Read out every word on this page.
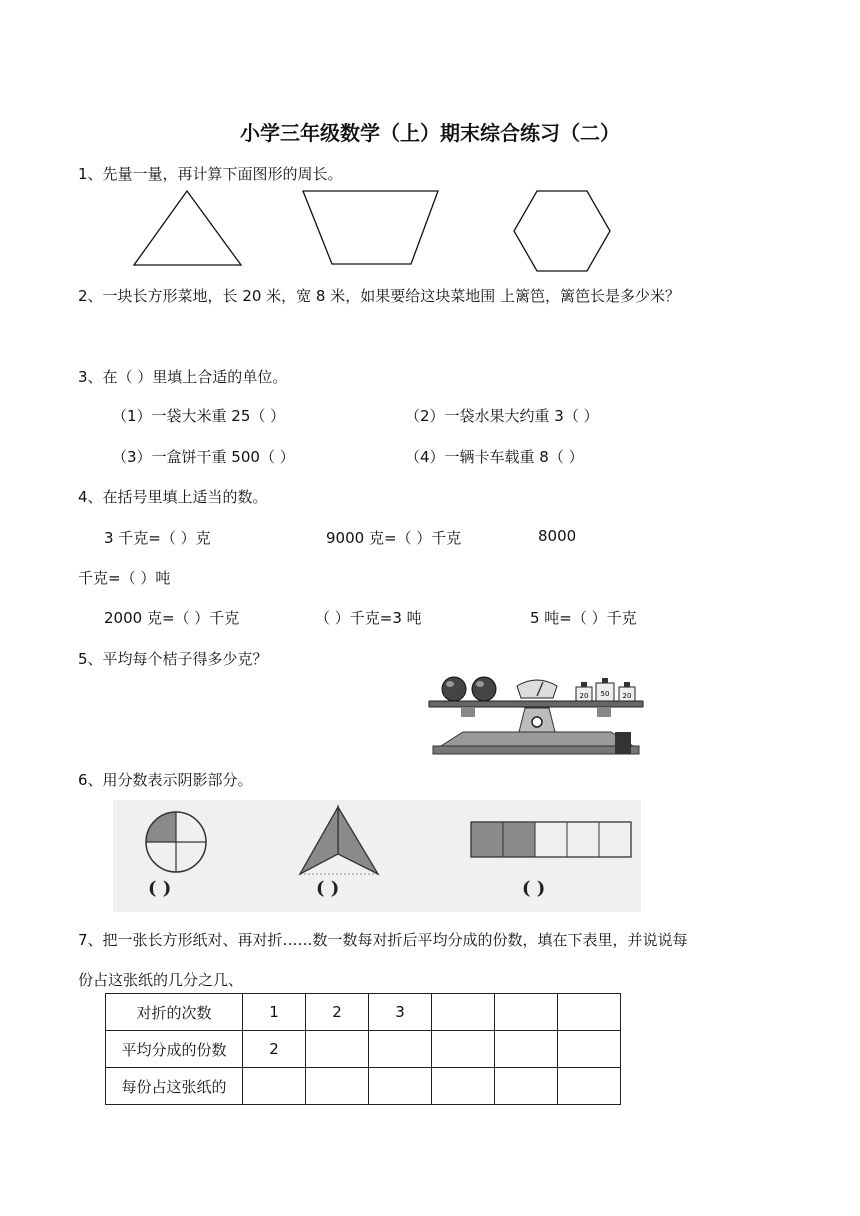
小学三年级数学（上）期末综合练习（二）
1、先量一量，再计算下面图形的周长。
2、一块长方形菜地，长 20 米，宽 8 米，如果要给这块菜地围 上篱笆，篱笆长是多少米？
3、在（ ）里填上合适的单位。
（1）一袋大米重 25（ ）	（2）一袋水果大约重 3（ ）
（3）一盒饼干重 500（ ）	（4）一辆卡车载重 8（ ）
4、在括号里填上适当的数。
3 千克=（ ）克	9000 克=（ ）千克	8000
千克=（ ）吨
2000 克=（ ）千克	（ ）千克=3 吨	5 吨=（ ）千克
5、平均每个桔子得多少克？
20 50 20
6、用分数表示阴影部分。
( )	( )	( )
7、把一张长方形纸对、再对折……数一数每对折后平均分成的份数，填在下表里，并说说每
份占这张纸的几分之几、
对折的次数	1	2	3			
平均分成的份数	2					
每份占这张纸的						
